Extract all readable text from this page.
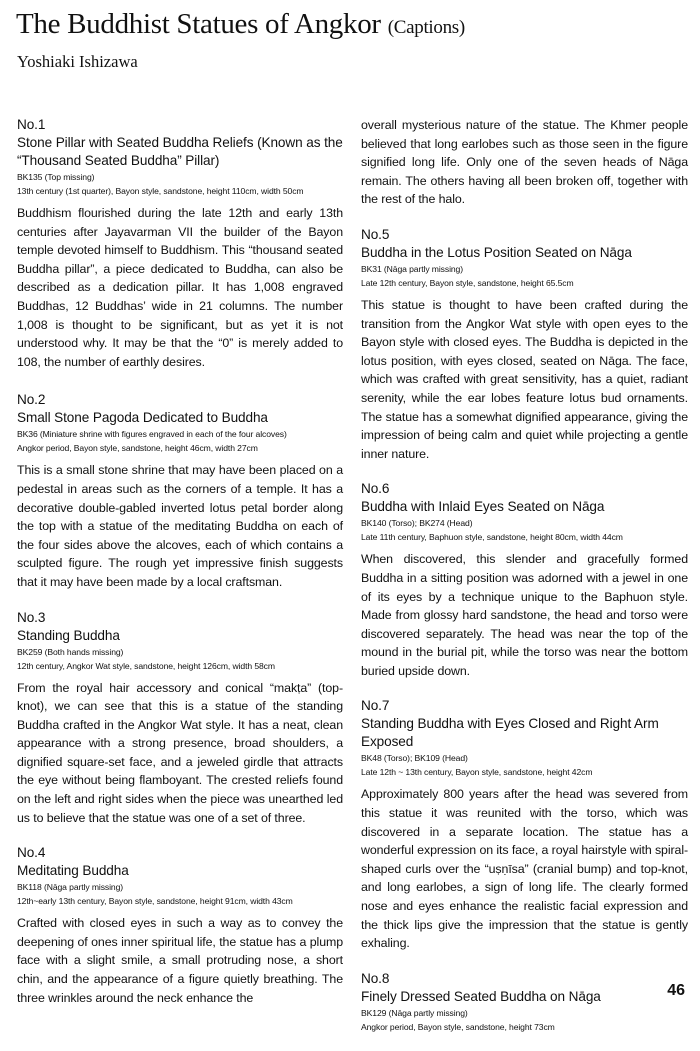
The Buddhist Statues of Angkor (Captions)
Yoshiaki Ishizawa
No.1
Stone Pillar with Seated Buddha Reliefs (Known as the “Thousand Seated Buddha” Pillar)
BK135 (Top missing)
13th century (1st quarter), Bayon style, sandstone, height 110cm, width 50cm
Buddhism flourished during the late 12th and early 13th centuries after Jayavarman VII the builder of the Bayon temple devoted himself to Buddhism. This “thousand seated Buddha pillar”, a piece dedicated to Buddha, can also be described as a dedication pillar. It has 1,008 engraved Buddhas, 12 Buddhas’ wide in 21 columns. The number 1,008 is thought to be significant, but as yet it is not understood why. It may be that the “0” is merely added to 108, the number of earthly desires.
No.2
Small Stone Pagoda Dedicated to Buddha
BK36 (Miniature shrine with figures engraved in each of the four alcoves)
Angkor period, Bayon style, sandstone, height 46cm, width 27cm
This is a small stone shrine that may have been placed on a pedestal in areas such as the corners of a temple. It has a decorative double-gabled inverted lotus petal border along the top with a statue of the meditating Buddha on each of the four sides above the alcoves, each of which contains a sculpted figure. The rough yet impressive finish suggests that it may have been made by a local craftsman.
No.3
Standing Buddha
BK259 (Both hands missing)
12th century, Angkor Wat style, sandstone, height 126cm, width 58cm
From the royal hair accessory and conical “makṭa” (top-knot), we can see that this is a statue of the standing Buddha crafted in the Angkor Wat style. It has a neat, clean appearance with a strong presence, broad shoulders, a dignified square-set face, and a jeweled girdle that attracts the eye without being flamboyant. The crested reliefs found on the left and right sides when the piece was unearthed led us to believe that the statue was one of a set of three.
No.4
Meditating Buddha
BK118 (Nāga partly missing)
12th~early 13th century, Bayon style, sandstone, height 91cm, width 43cm
Crafted with closed eyes in such a way as to convey the deepening of ones inner spiritual life, the statue has a plump face with a slight smile, a small protruding nose, a short chin, and the appearance of a figure quietly breathing. The three wrinkles around the neck enhance the
overall mysterious nature of the statue. The Khmer people believed that long earlobes such as those seen in the figure signified long life. Only one of the seven heads of Nāga remain. The others having all been broken off, together with the rest of the halo.
No.5
Buddha in the Lotus Position Seated on Nāga
BK31 (Nāga partly missing)
Late 12th century, Bayon style, sandstone, height 65.5cm
This statue is thought to have been crafted during the transition from the Angkor Wat style with open eyes to the Bayon style with closed eyes. The Buddha is depicted in the lotus position, with eyes closed, seated on Nāga. The face, which was crafted with great sensitivity, has a quiet, radiant serenity, while the ear lobes feature lotus bud ornaments. The statue has a somewhat dignified appearance, giving the impression of being calm and quiet while projecting a gentle inner nature.
No.6
Buddha with Inlaid Eyes Seated on Nāga
BK140 (Torso); BK274 (Head)
Late 11th century, Baphuon style, sandstone, height 80cm, width 44cm
When discovered, this slender and gracefully formed Buddha in a sitting position was adorned with a jewel in one of its eyes by a technique unique to the Baphuon style. Made from glossy hard sandstone, the head and torso were discovered separately. The head was near the top of the mound in the burial pit, while the torso was near the bottom buried upside down.
No.7
Standing Buddha with Eyes Closed and Right Arm Exposed
BK48 (Torso); BK109 (Head)
Late 12th ~ 13th century, Bayon style, sandstone, height 42cm
Approximately 800 years after the head was severed from this statue it was reunited with the torso, which was discovered in a separate location. The statue has a wonderful expression on its face, a royal hairstyle with spiral-shaped curls over the “uṣṇīsa” (cranial bump) and top-knot, and long earlobes, a sign of long life. The clearly formed nose and eyes enhance the realistic facial expression and the thick lips give the impression that the statue is gently exhaling.
No.8
Finely Dressed Seated Buddha on Nāga
BK129 (Nāga partly missing)
Angkor period, Bayon style, sandstone, height 73cm
46
